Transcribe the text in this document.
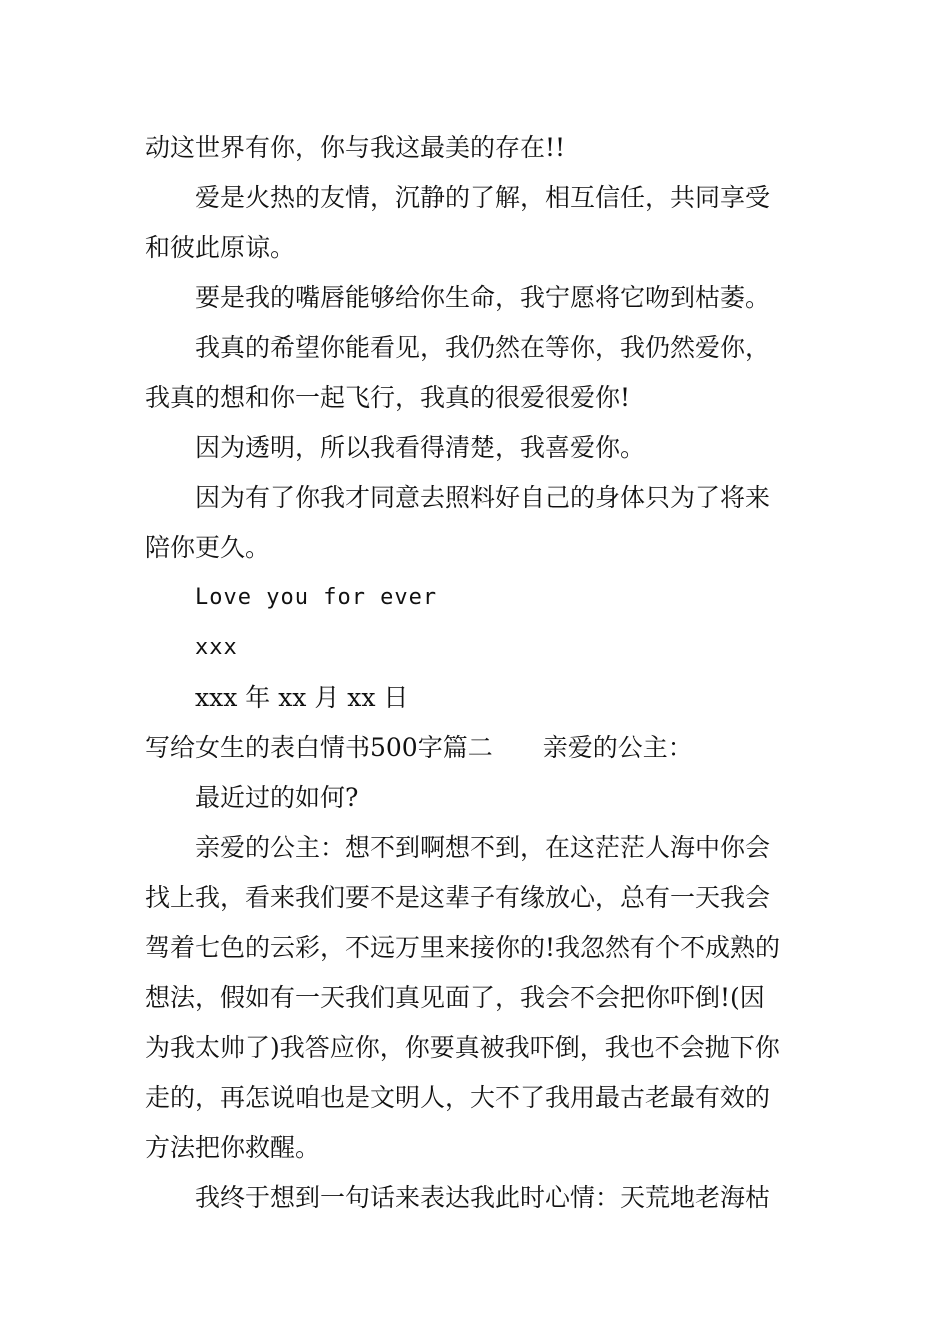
动这世界有你，你与我这最美的存在!!
爱是火热的友情，沉静的了解，相互信任，共同享受
和彼此原谅。
要是我的嘴唇能够给你生命，我宁愿将它吻到枯萎。
我真的希望你能看见，我仍然在等你，我仍然爱你，
我真的想和你一起飞行，我真的很爱很爱你!
因为透明，所以我看得清楚，我喜爱你。
因为有了你我才同意去照料好自己的身体只为了将来
陪你更久。
Love you for ever
xxx
xxx 年 xx 月 xx 日
写给女生的表白情书500字篇二 亲爱的公主：
最近过的如何?
亲爱的公主：想不到啊想不到，在这茫茫人海中你会
找上我，看来我们要不是这辈子有缘放心，总有一天我会
驾着七色的云彩，不远万里来接你的!我忽然有个不成熟的
想法，假如有一天我们真见面了，我会不会把你吓倒!(因
为我太帅了)我答应你，你要真被我吓倒，我也不会抛下你
走的，再怎说咱也是文明人，大不了我用最古老最有效的
方法把你救醒。
我终于想到一句话来表达我此时心情：天荒地老海枯
